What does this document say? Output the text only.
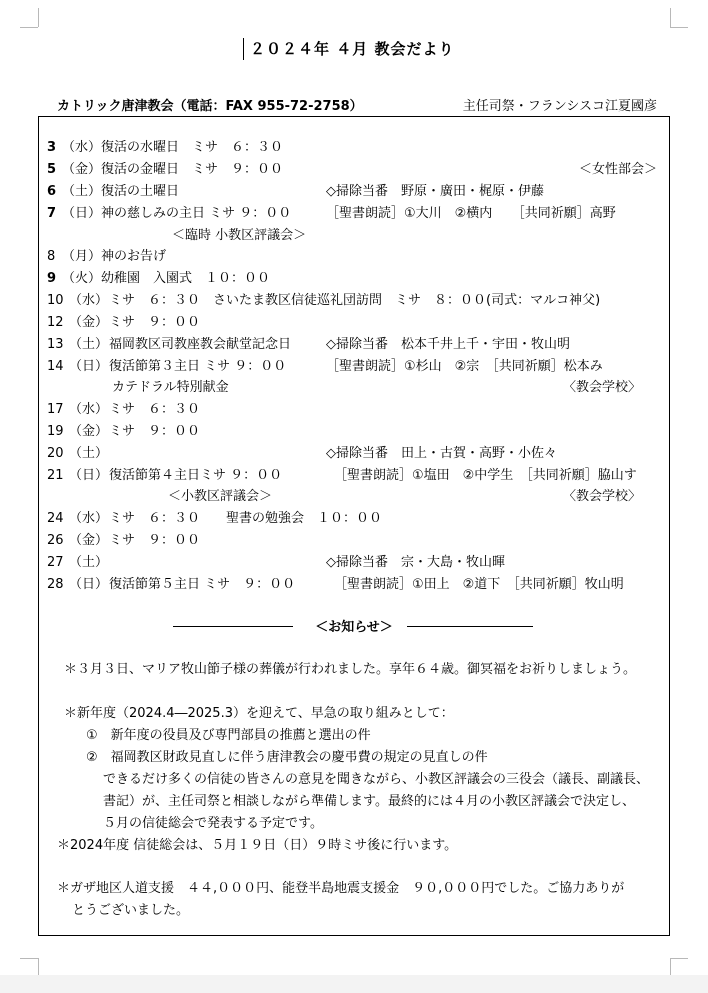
２０２４年 ４月 教会だより
カトリック唐津教会（電話：FAX 955-72-2758）	主任司祭・フランシスコ江夏國彦
3 （水） 復活の水曜日　ミサ　６：３０
5 （金） 復活の金曜日　ミサ　９：００	＜女性部会＞
6 （土） 復活の土曜日	◇掃除当番　野原・廣田・梶原・伊藤
7 （日） 神の慈しみの主日 ミサ ９：００	［聖書朗読］①大川　②横内　　［共同祈願］高野
＜臨時 小教区評議会＞
8 （月） 神のお告げ
9 （火） 幼稚園　入園式　１０：００
10 （水） ミサ　６：３０　さいたま教区信徒巡礼団訪問　ミサ　８：００(司式：マルコ神父)
12 （金） ミサ　９：００
13 （土） 福岡教区司教座教会献堂記念日	◇掃除当番　松本千井上千・宇田・牧山明
14 （日） 復活節第３主日 ミサ ９：００	［聖書朗読］①杉山　②宗　［共同祈願］松本み
カテドラル特別献金	〈教会学校〉
17 （水） ミサ　６：３０
19 （金） ミサ　９：００
20 （土）	◇掃除当番　田上・古賀・高野・小佐々
21 （日） 復活節第４主日ミサ ９：００	［聖書朗読］①塩田　②中学生　［共同祈願］脇山す
＜小教区評議会＞	〈教会学校〉
24 （水） ミサ　６：３０　　聖書の勉強会　１０：００
26 （金） ミサ　９：００
27 （土）	◇掃除当番　宗・大島・牧山暉
28 （日） 復活節第５主日 ミサ　９：００	［聖書朗読］①田上　②道下　［共同祈願］牧山明
＜お知らせ＞
＊３月３日、マリア牧山節子様の葬儀が行われました。享年６４歳。御冥福をお祈りしましょう。
＊新年度（2024.4―2025.3）を迎えて、早急の取り組みとして：
①　新年度の役員及び専門部員の推薦と選出の件
②　福岡教区財政見直しに伴う唐津教会の慶弔費の規定の見直しの件
できるだけ多くの信徒の皆さんの意見を聞きながら、小教区評議会の三役会（議長、副議長、
書記）が、主任司祭と相談しながら準備します。最終的には４月の小教区評議会で決定し、
５月の信徒総会で発表する予定です。
＊2024年度 信徒総会は、５月１９日（日）９時ミサ後に行います。
＊ガザ地区人道支援　４４,０００円、能登半島地震支援金　９０,０００円でした。ご協力ありが
とうございました。
